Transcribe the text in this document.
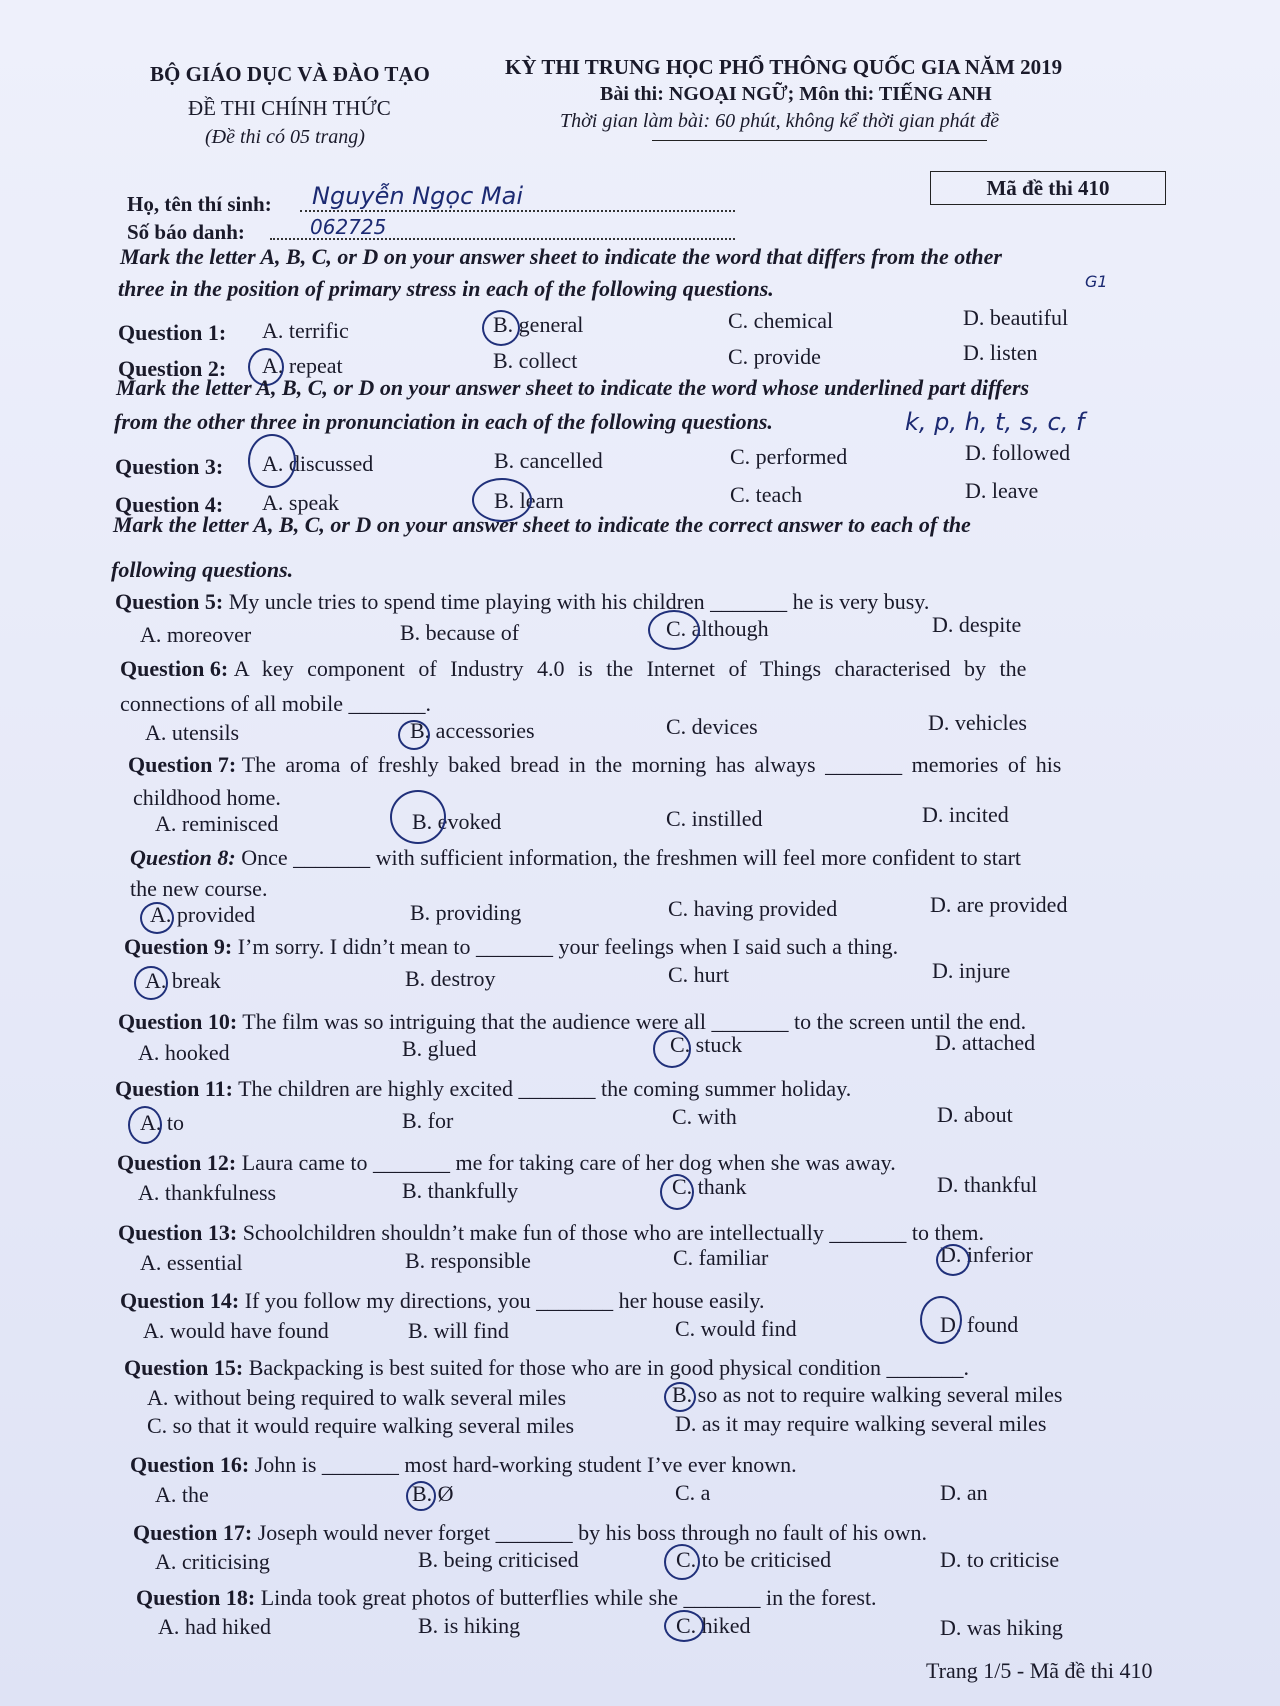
BỘ GIÁO DỤC VÀ ĐÀO TẠO
ĐỀ THI CHÍNH THỨC
(Đề thi có 05 trang)
KỲ THI TRUNG HỌC PHỔ THÔNG QUỐC GIA NĂM 2019
Bài thi: NGOẠI NGỮ; Môn thi: TIẾNG ANH
Thời gian làm bài: 60 phút, không kể thời gian phát đề
Mã đề thi 410
Họ, tên thí sinh: Nguyễn Ngọc Mai
Số báo danh:	062725
Mark the letter A, B, C, or D on your answer sheet to indicate the word that differs from the other
three in the position of primary stress in each of the following questions.	G1
Question 1: A. terrific	B. general	C. chemical	D. beautiful
Question 2: A. repeat	B. collect	C. provide	D. listen
Mark the letter A, B, C, or D on your answer sheet to indicate the word whose underlined part differs
from the other three in pronunciation in each of the following questions.	k, p, h, t, s, c, f
Question 3: A. discussed	B. cancelled	C. performed	D. followed
Question 4: A. speak	B. learn	C. teach	D. leave
Mark the letter A, B, C, or D on your answer sheet to indicate the correct answer to each of the
following questions.
Question 5: My uncle tries to spend time playing with his children _______ he is very busy.
A. moreover	B. because of	C. although	D. despite
Question 6: A key component of Industry 4.0 is the Internet of Things characterised by the
connections of all mobile _______.
A. utensils	B. accessories	C. devices	D. vehicles
Question 7: The aroma of freshly baked bread in the morning has always _______ memories of his
childhood home.
A. reminisced	B. evoked	C. instilled	D. incited
Question 8: Once _______ with sufficient information, the freshmen will feel more confident to start
the new course.
A. provided	B. providing	C. having provided	D. are provided
Question 9: I’m sorry. I didn’t mean to _______ your feelings when I said such a thing.
A. break	B. destroy	C. hurt	D. injure
Question 10: The film was so intriguing that the audience were all _______ to the screen until the end.
A. hooked	B. glued	C. stuck	D. attached
Question 11: The children are highly excited _______ the coming summer holiday.
A. to	B. for	C. with	D. about
Question 12: Laura came to _______ me for taking care of her dog when she was away.
A. thankfulness	B. thankfully	C. thank	D. thankful
Question 13: Schoolchildren shouldn’t make fun of those who are intellectually _______ to them.
A. essential	B. responsible	C. familiar	D. inferior
Question 14: If you follow my directions, you _______ her house easily.
A. would have found	B. will find	C. would find	D. found
Question 15: Backpacking is best suited for those who are in good physical condition _______.
A. without being required to walk several miles	B. so as not to require walking several miles
C. so that it would require walking several miles	D. as it may require walking several miles
Question 16: John is _______ most hard-working student I’ve ever known.
A. the	B. Ø	C. a	D. an
Question 17: Joseph would never forget _______ by his boss through no fault of his own.
A. criticising	B. being criticised	C. to be criticised	D. to criticise
Question 18: Linda took great photos of butterflies while she _______ in the forest.
A. had hiked	B. is hiking	C. hiked	D. was hiking
Trang 1/5 - Mã đề thi 410
